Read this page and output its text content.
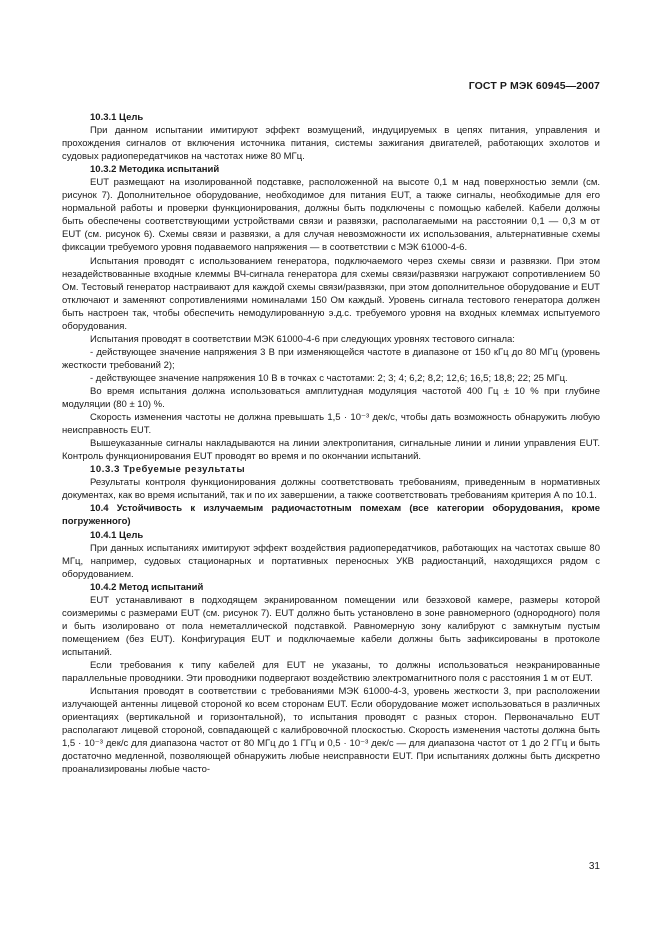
ГОСТ Р МЭК 60945—2007

10.3.1 Цель

При данном испытании имитируют эффект возмущений, индуцируемых в цепях питания, управления и прохождения сигналов от включения источника питания, системы зажигания двигателей, работающих эхолотов и судовых радиопередатчиков на частотах ниже 80 МГц.

10.3.2 Методика испытаний

EUT размещают на изолированной подставке, расположенной на высоте 0,1 м над поверхностью земли (см. рисунок 7). Дополнительное оборудование, необходимое для питания EUT, а также сигналы, необходимые для его нормальной работы и проверки функционирования, должны быть подключены с помощью кабелей. Кабели должны быть обеспечены соответствующими устройствами связи и развязки, располагаемыми на расстоянии 0,1 — 0,3 м от EUT (см. рисунок 6). Схемы связи и развязки, а для случая невозможности их использования, альтернативные схемы фиксации требуемого уровня подаваемого напряжения — в соответствии с МЭК 61000-4-6.

Испытания проводят с использованием генератора, подключаемого через схемы связи и развязки. При этом незадействованные входные клеммы ВЧ-сигнала генератора для схемы связи/развязки нагружают сопротивлением 50 Ом. Тестовый генератор настраивают для каждой схемы связи/развязки, при этом дополнительное оборудование и EUT отключают и заменяют сопротивлениями номиналами 150 Ом каждый. Уровень сигнала тестового генератора должен быть настроен так, чтобы обеспечить немодулированную э.д.с. требуемого уровня на входных клеммах испытуемого оборудования.

Испытания проводят в соответствии МЭК 61000-4-6 при следующих уровнях тестового сигнала:

- действующее значение напряжения 3 В при изменяющейся частоте в диапазоне от 150 кГц до 80 МГц (уровень жесткости требований 2);

- действующее значение напряжения 10 В в точках с частотами: 2; 3; 4; 6,2; 8,2; 12,6; 16,5; 18,8; 22; 25 МГц.

Во время испытания должна использоваться амплитудная модуляция частотой 400 Гц ± 10 % при глубине модуляции (80 ± 10) %.

Скорость изменения частоты не должна превышать 1,5 · 10⁻³ дек/с, чтобы дать возможность обнаружить любую неисправность EUT.

Вышеуказанные сигналы накладываются на линии электропитания, сигнальные линии и линии управления EUT. Контроль функционирования EUT проводят во время и по окончании испытаний.

10.3.3 Требуемые результаты

Результаты контроля функционирования должны соответствовать требованиям, приведенным в нормативных документах, как во время испытаний, так и по их завершении, а также соответствовать требованиям критерия А по 10.1.

10.4 Устойчивость к излучаемым радиочастотным помехам (все категории оборудования, кроме погруженного)

10.4.1 Цель

При данных испытаниях имитируют эффект воздействия радиопередатчиков, работающих на частотах свыше 80 МГц, например, судовых стационарных и портативных переносных УКВ радиостанций, находящихся рядом с оборудованием.

10.4.2 Метод испытаний

EUT устанавливают в подходящем экранированном помещении или безэховой камере, размеры которой соизмеримы с размерами EUT (см. рисунок 7). EUT должно быть установлено в зоне равномерного (однородного) поля и быть изолировано от пола неметаллической подставкой. Равномерную зону калибруют с замкнутым пустым помещением (без EUT). Конфигурация EUT и подключаемые кабели должны быть зафиксированы в протоколе испытаний.

Если требования к типу кабелей для EUT не указаны, то должны использоваться неэкранированные параллельные проводники. Эти проводники подвергают воздействию электромагнитного поля с расстояния 1 м от EUT.

Испытания проводят в соответствии с требованиями МЭК 61000-4-3, уровень жесткости 3, при расположении излучающей антенны лицевой стороной ко всем сторонам EUT. Если оборудование может использоваться в различных ориентациях (вертикальной и горизонтальной), то испытания проводят с разных сторон. Первоначально EUT располагают лицевой стороной, совпадающей с калибровочной плоскостью. Скорость изменения частоты должна быть 1,5 · 10⁻³ дек/с для диапазона частот от 80 МГц до 1 ГГц и 0,5 · 10⁻³ дек/с — для диапазона частот от 1 до 2 ГГц и быть достаточно медленной, позволяющей обнаружить любые неисправности EUT. При испытаниях должны быть дискретно проанализированы любые часто-

31
